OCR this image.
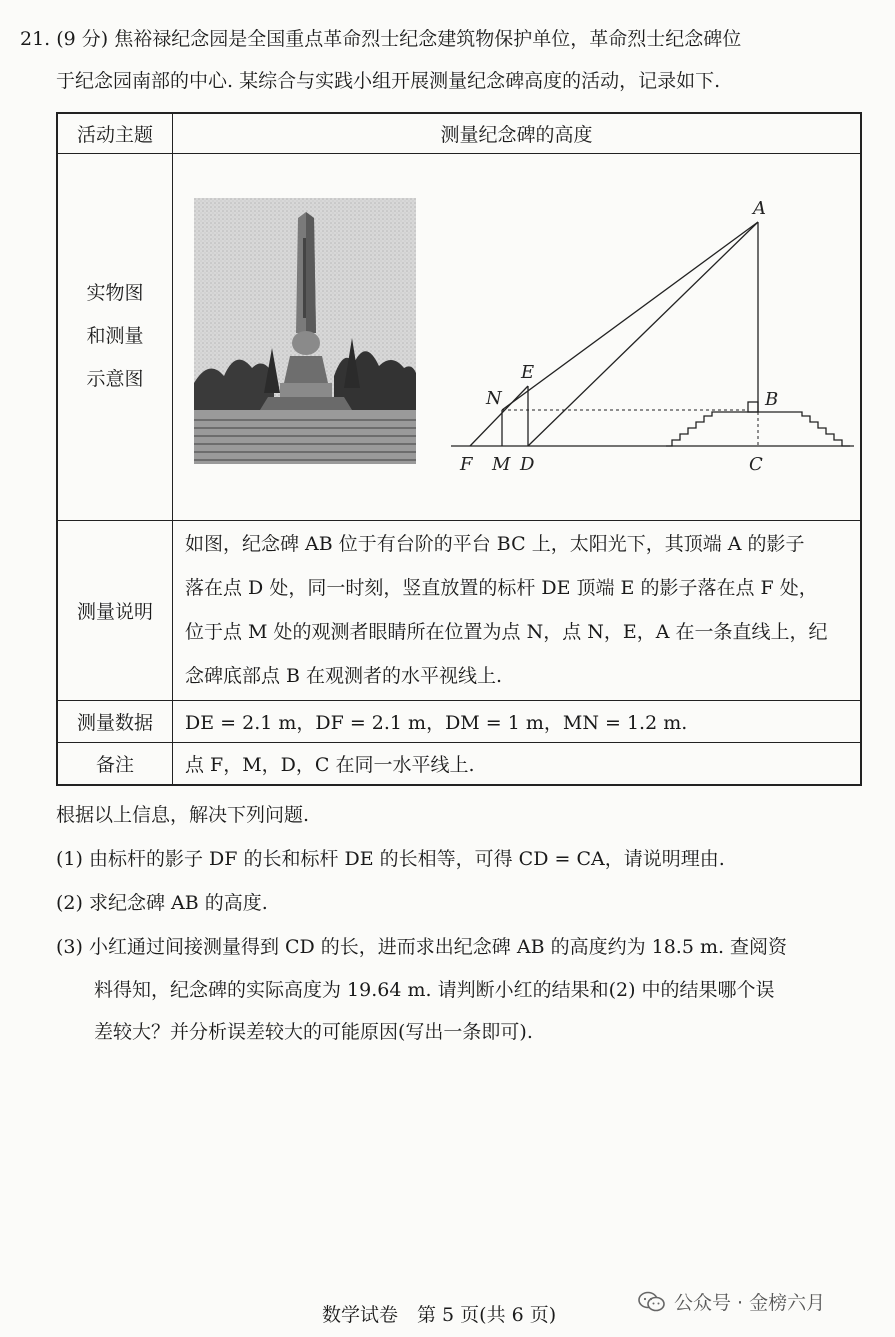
21. (9 分) 焦裕禄纪念园是全国重点革命烈士纪念建筑物保护单位，革命烈士纪念碑位
于纪念园南部的中心. 某综合与实践小组开展测量纪念碑高度的活动，记录如下.
活动主题	测量纪念碑的高度

实物图
和测量
示意图	

测量说明	如图，纪念碑 AB 位于有台阶的平台 BC 上，太阳光下，其顶端 A 的影子
落在点 D 处，同一时刻，竖直放置的标杆 DE 顶端 E 的影子落在点 F 处，
位于点 M 处的观测者眼睛所在位置为点 N，点 N，E，A 在一条直线上，纪
念碑底部点 B 在观测者的水平视线上.

测量数据	DE = 2.1 m，DF = 2.1 m，DM = 1 m，MN = 1.2 m.
备注	点 F，M，D，C 在同一水平线上.
A
B
C
D
E
F M
N
根据以上信息，解决下列问题.
(1) 由标杆的影子 DF 的长和标杆 DE 的长相等，可得 CD = CA，请说明理由.
(2) 求纪念碑 AB 的高度.
(3) 小红通过间接测量得到 CD 的长，进而求出纪念碑 AB 的高度约为 18.5 m. 查阅资
料得知，纪念碑的实际高度为 19.64 m. 请判断小红的结果和(2) 中的结果哪个误
差较大？并分析误差较大的可能原因(写出一条即可).
数学试卷　第 5 页(共 6 页)
公众号 · 金榜六月
